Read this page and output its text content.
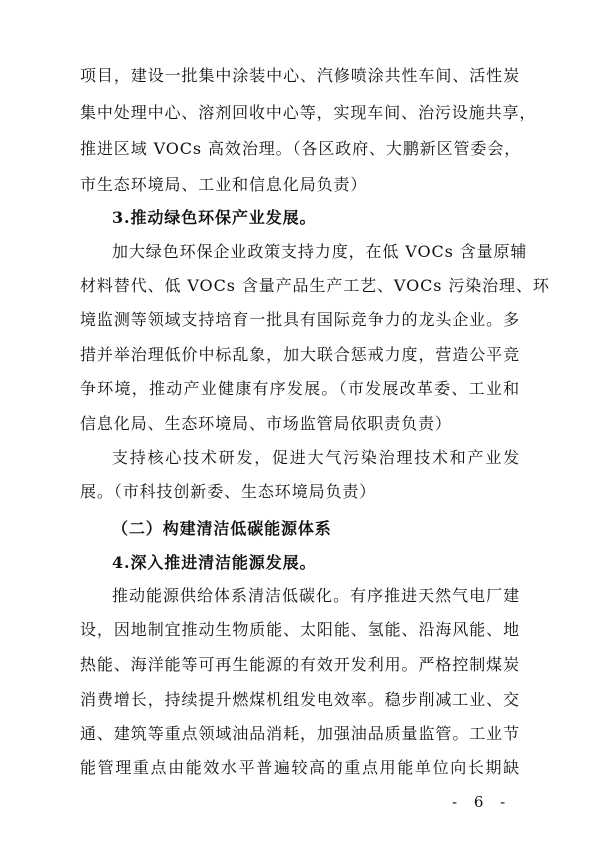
项目，建设一批集中涂装中心、汽修喷涂共性车间、活性炭
集中处理中心、溶剂回收中心等，实现车间、治污设施共享，
推进区域 VOCs 高效治理。（各区政府、大鹏新区管委会，
市生态环境局、工业和信息化局负责）
3.推动绿色环保产业发展。
加大绿色环保企业政策支持力度，在低 VOCs 含量原辅
材料替代、低 VOCs 含量产品生产工艺、VOCs 污染治理、环
境监测等领域支持培育一批具有国际竞争力的龙头企业。多
措并举治理低价中标乱象，加大联合惩戒力度，营造公平竞
争环境，推动产业健康有序发展。（市发展改革委、工业和
信息化局、生态环境局、市场监管局依职责负责）
支持核心技术研发，促进大气污染治理技术和产业发
展。（市科技创新委、生态环境局负责）
（二）构建清洁低碳能源体系
4.深入推进清洁能源发展。
推动能源供给体系清洁低碳化。有序推进天然气电厂建
设，因地制宜推动生物质能、太阳能、氢能、沿海风能、地
热能、海洋能等可再生能源的有效开发利用。严格控制煤炭
消费增长，持续提升燃煤机组发电效率。稳步削减工业、交
通、建筑等重点领域油品消耗，加强油品质量监管。工业节
能管理重点由能效水平普遍较高的重点用能单位向长期缺
- 6 -
